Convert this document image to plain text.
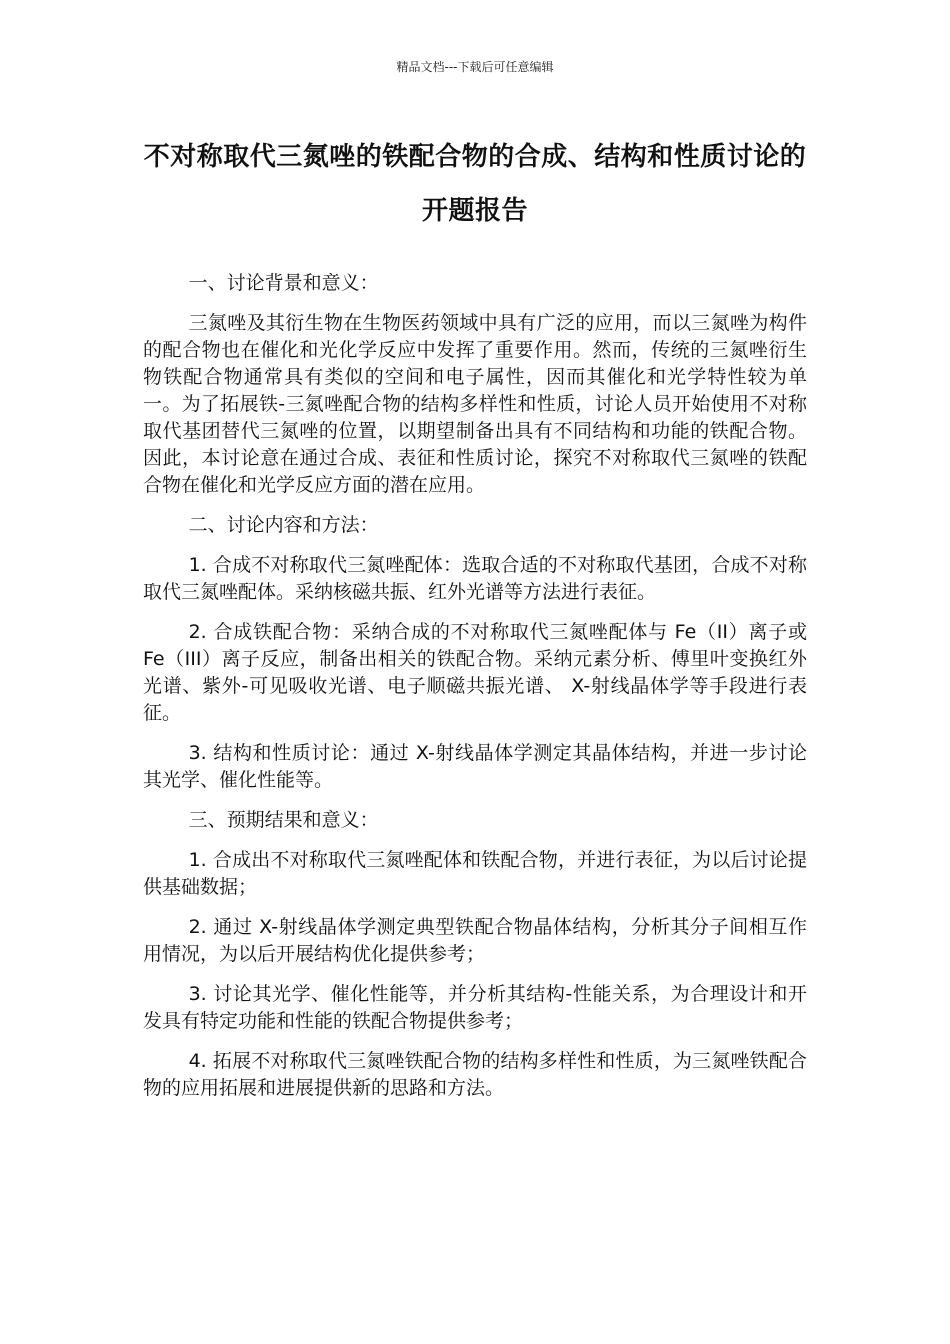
精品文档---下载后可任意编辑
不对称取代三氮唑的铁配合物的合成、结构和性质讨论的开题报告

一、讨论背景和意义：

三氮唑及其衍生物在生物医药领域中具有广泛的应用，而以三氮唑为构件的配合物也在催化和光化学反应中发挥了重要作用。然而，传统的三氮唑衍生物铁配合物通常具有类似的空间和电子属性，因而其催化和光学特性较为单一。为了拓展铁-三氮唑配合物的结构多样性和性质，讨论人员开始使用不对称取代基团替代三氮唑的位置，以期望制备出具有不同结构和功能的铁配合物。因此，本讨论意在通过合成、表征和性质讨论，探究不对称取代三氮唑的铁配合物在催化和光学反应方面的潜在应用。

二、讨论内容和方法：

1. 合成不对称取代三氮唑配体：选取合适的不对称取代基团，合成不对称取代三氮唑配体。采纳核磁共振、红外光谱等方法进行表征。

2. 合成铁配合物：采纳合成的不对称取代三氮唑配体与 Fe（II）离子或 Fe（III）离子反应，制备出相关的铁配合物。采纳元素分析、傅里叶变换红外光谱、紫外-可见吸收光谱、电子顺磁共振光谱、 X-射线晶体学等手段进行表征。

3. 结构和性质讨论：通过 X-射线晶体学测定其晶体结构，并进一步讨论其光学、催化性能等。

三、预期结果和意义：

1. 合成出不对称取代三氮唑配体和铁配合物，并进行表征，为以后讨论提供基础数据；

2. 通过 X-射线晶体学测定典型铁配合物晶体结构，分析其分子间相互作用情况，为以后开展结构优化提供参考；

3. 讨论其光学、催化性能等，并分析其结构-性能关系，为合理设计和开发具有特定功能和性能的铁配合物提供参考；

4. 拓展不对称取代三氮唑铁配合物的结构多样性和性质，为三氮唑铁配合物的应用拓展和进展提供新的思路和方法。
